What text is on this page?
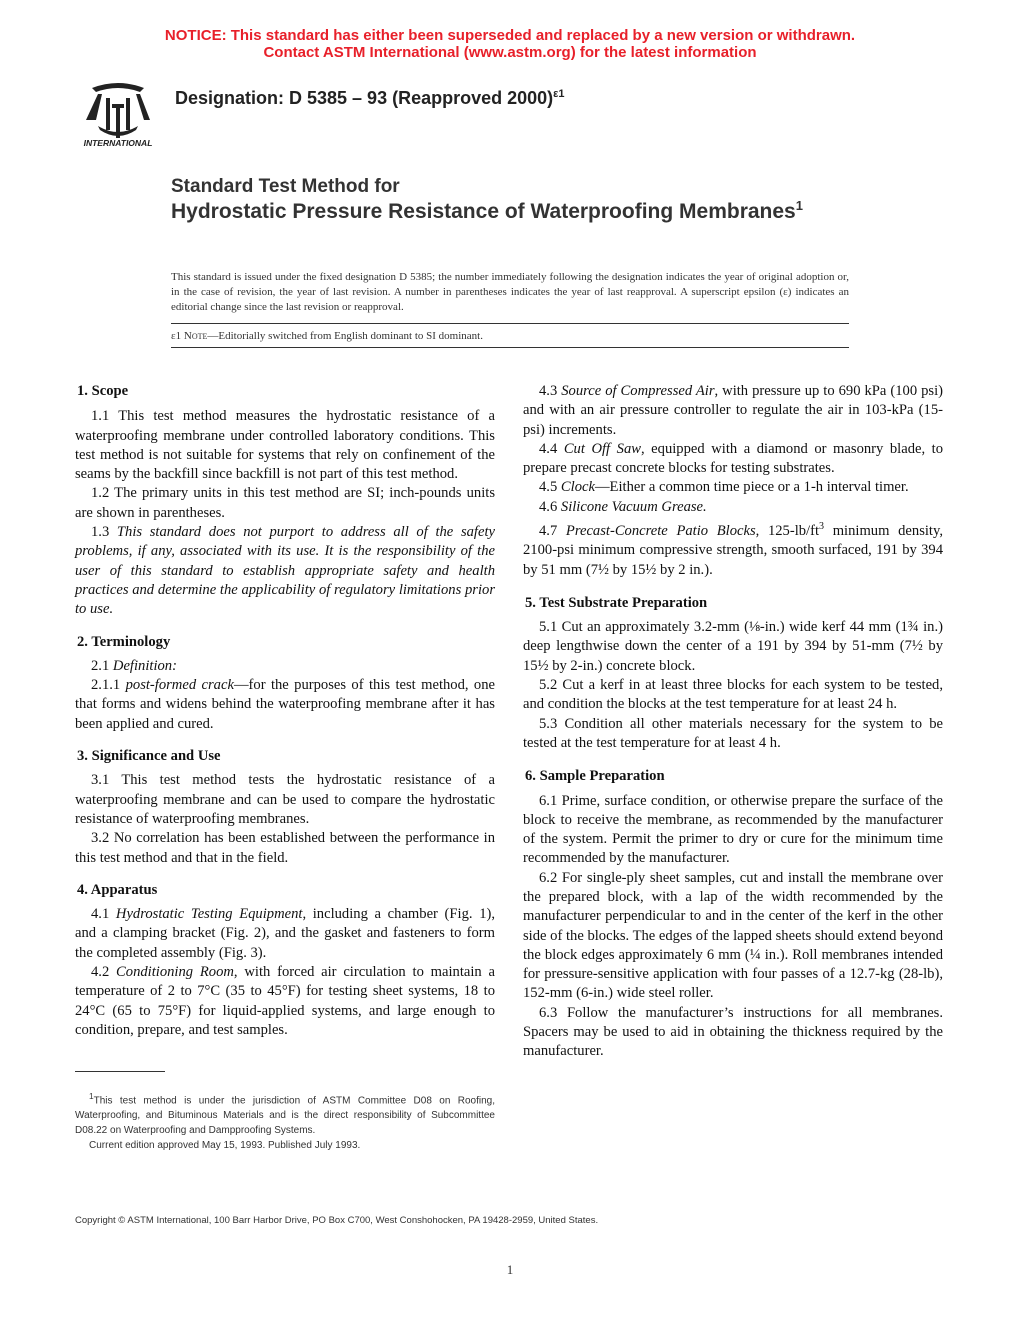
NOTICE: This standard has either been superseded and replaced by a new version or withdrawn.
Contact ASTM International (www.astm.org) for the latest information
INTERNATIONAL
Designation: D 5385 – 93 (Reapproved 2000)$^{\varepsilon 1}$
Standard Test Method for
Hydrostatic Pressure Resistance of Waterproofing Membranes$^1$
This standard is issued under the fixed designation D 5385; the number immediately following the designation indicates the year of original adoption or, in the case of revision, the year of last revision. A number in parentheses indicates the year of last reapproval. A superscript epsilon (ε) indicates an editorial change since the last revision or reapproval.
ε1 Note—Editorially switched from English dominant to SI dominant.
1. Scope

1.1 This test method measures the hydrostatic resistance of a waterproofing membrane under controlled laboratory conditions. This test method is not suitable for systems that rely on confinement of the seams by the backfill since backfill is not part of this test method.

1.2 The primary units in this test method are SI; inch-pounds units are shown in parentheses.

1.3 This standard does not purport to address all of the safety problems, if any, associated with its use. It is the responsibility of the user of this standard to establish appropriate safety and health practices and determine the applicability of regulatory limitations prior to use.

2. Terminology

2.1 Definition:

2.1.1 post-formed crack—for the purposes of this test method, one that forms and widens behind the waterproofing membrane after it has been applied and cured.

3. Significance and Use

3.1 This test method tests the hydrostatic resistance of a waterproofing membrane and can be used to compare the hydrostatic resistance of waterproofing membranes.

3.2 No correlation has been established between the performance in this test method and that in the field.

4. Apparatus

4.1 Hydrostatic Testing Equipment, including a chamber (Fig. 1), and a clamping bracket (Fig. 2), and the gasket and fasteners to form the completed assembly (Fig. 3).

4.2 Conditioning Room, with forced air circulation to maintain a temperature of 2 to 7°C (35 to 45°F) for testing sheet systems, 18 to 24°C (65 to 75°F) for liquid-applied systems, and large enough to condition, prepare, and test samples.

4.3 Source of Compressed Air, with pressure up to 690 kPa (100 psi) and with an air pressure controller to regulate the air in 103-kPa (15-psi) increments.

4.4 Cut Off Saw, equipped with a diamond or masonry blade, to prepare precast concrete blocks for testing substrates.

4.5 Clock—Either a common time piece or a 1-h interval timer.

4.6 Silicone Vacuum Grease.

4.7 Precast-Concrete Patio Blocks, $125-lb/ft^3$ minimum density, 2100-psi minimum compressive strength, smooth surfaced, 191 by 394 by 51 mm (7½ by 15½ by 2 in.).

5. Test Substrate Preparation

5.1 Cut an approximately 3.2-mm (⅛-in.) wide kerf 44 mm (1¾ in.) deep lengthwise down the center of a 191 by 394 by 51-mm (7½ by 15½ by 2-in.) concrete block.

5.2 Cut a kerf in at least three blocks for each system to be tested, and condition the blocks at the test temperature for at least 24 h.

5.3 Condition all other materials necessary for the system to be tested at the test temperature for at least 4 h.

6. Sample Preparation

6.1 Prime, surface condition, or otherwise prepare the surface of the block to receive the membrane, as recommended by the manufacturer of the system. Permit the primer to dry or cure for the minimum time recommended by the manufacturer.

6.2 For single-ply sheet samples, cut and install the membrane over the prepared block, with a lap of the width recommended by the manufacturer perpendicular to and in the center of the kerf in the other side of the blocks. The edges of the lapped sheets should extend beyond the block edges approximately 6 mm (¼ in.). Roll membranes intended for pressure-sensitive application with four passes of a 12.7-kg (28-lb), 152-mm (6-in.) wide steel roller.

6.3 Follow the manufacturer’s instructions for all membranes. Spacers may be used to aid in obtaining the thickness required by the manufacturer.

$^1$This test method is under the jurisdiction of ASTM Committee D08 on Roofing, Waterproofing, and Bituminous Materials and is the direct responsibility of Subcommittee D08.22 on Waterproofing and Dampproofing Systems.

Current edition approved May 15, 1993. Published July 1993.

Copyright © ASTM International, 100 Barr Harbor Drive, PO Box C700, West Conshohocken, PA 19428-2959, United States.
1
